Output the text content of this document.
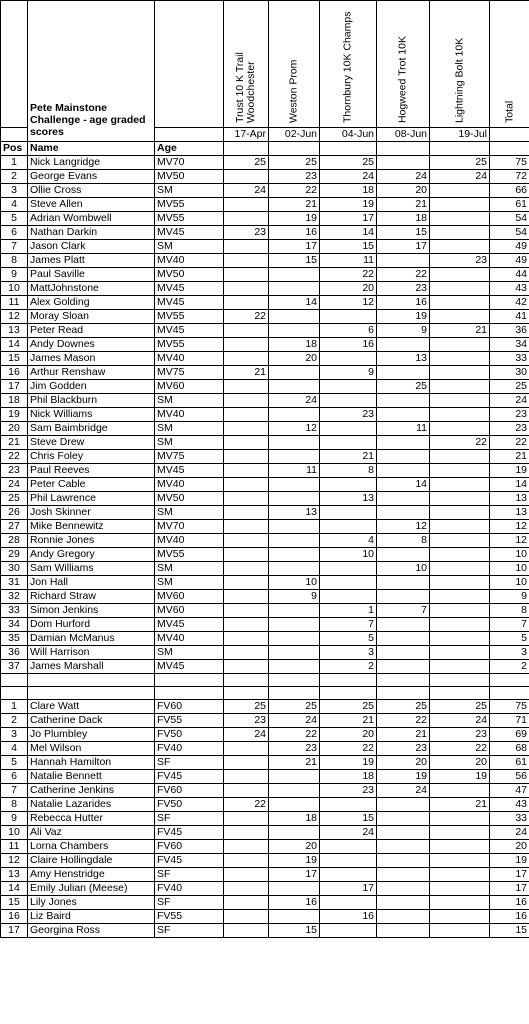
	Pete Mainstone Challenge - age graded scores		Trust 10 K Trail Woodchester	Weston Prom	Thornbury 10K Champs	Hogweed Trot 10K	Lightning Bolt 10K	Total

			17-Apr	02-Jun	04-Jun	08-Jun	19-Jul	
Pos	Name	Age						
1	Nick Langridge	MV70	25	25	25		25	75
2	George Evans	MV50		23	24	24	24	72
3	Ollie Cross	SM	24	22	18	20		66
4	Steve Allen	MV55		21	19	21		61
5	Adrian Wombwell	MV55		19	17	18		54
6	Nathan Darkin	MV45	23	16	14	15		54
7	Jason Clark	SM		17	15	17		49
8	James Platt	MV40		15	11		23	49
9	Paul Saville	MV50			22	22		44
10	MattJohnstone	MV45			20	23		43
11	Alex Golding	MV45		14	12	16		42
12	Moray Sloan	MV55	22			19		41
13	Peter Read	MV45			6	9	21	36
14	Andy Downes	MV55		18	16			34
15	James Mason	MV40		20		13		33
16	Arthur Renshaw	MV75	21		9			30
17	Jim Godden	MV60				25		25
18	Phil Blackburn	SM		24				24
19	Nick Williams	MV40			23			23
20	Sam Baimbridge	SM		12		11		23
21	Steve Drew	SM					22	22
22	Chris Foley	MV75			21			21
23	Paul Reeves	MV45		11	8			19
24	Peter Cable	MV40				14		14
25	Phil Lawrence	MV50			13			13
26	Josh Skinner	SM		13				13
27	Mike Bennewitz	MV70				12		12
28	Ronnie Jones	MV40			4	8		12
29	Andy Gregory	MV55			10			10
30	Sam Williams	SM				10		10
31	Jon Hall	SM		10				10
32	Richard Straw	MV60		9				9
33	Simon Jenkins	MV60			1	7		8
34	Dom Hurford	MV45			7			7
35	Damian McManus	MV40			5			5
36	Will Harrison	SM			3			3
37	James Marshall	MV45			2			2

1	Clare Watt	FV60	25	25	25	25	25	75
2	Catherine Dack	FV55	23	24	21	22	24	71
3	Jo Plumbley	FV50	24	22	20	21	23	69
4	Mel Wilson	FV40		23	22	23	22	68
5	Hannah Hamilton	SF		21	19	20	20	61
6	Natalie Bennett	FV45			18	19	19	56
7	Catherine Jenkins	FV60			23	24		47
8	Natalie Lazarides	FV50	22				21	43
9	Rebecca Hutter	SF		18	15			33
10	Ali Vaz	FV45			24			24
11	Lorna Chambers	FV60		20				20
12	Claire Hollingdale	FV45		19				19
13	Amy Henstridge	SF		17				17
14	Emily Julian (Meese)	FV40			17			17
15	Lily Jones	SF		16				16
16	Liz Baird	FV55			16			16
17	Georgina Ross	SF		15				15
